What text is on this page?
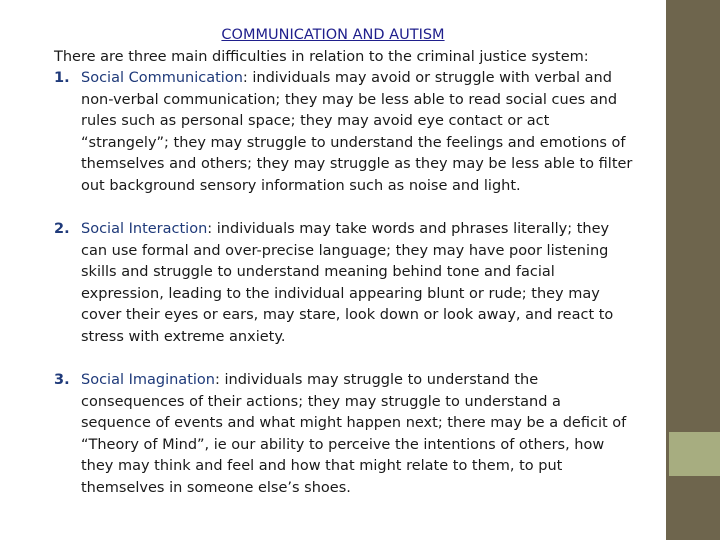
COMMUNICATION AND AUTISM

There are three main difficulties in relation to the criminal justice system:

1. Social Communication: individuals may avoid or struggle with verbal and non-verbal communication; they may be less able to read social cues and rules such as personal space; they may avoid eye contact or act “strangely”; they may struggle to understand the feelings and emotions of themselves and others; they may struggle as they may be less able to filter out background sensory information such as noise and light.
2. Social Interaction: individuals may take words and phrases literally; they can use formal and over-precise language; they may have poor listening skills and struggle to understand meaning behind tone and facial expression, leading to the individual appearing blunt or rude; they may cover their eyes or ears, may stare, look down or look away, and react to stress with extreme anxiety.
3. Social Imagination: individuals may struggle to understand the consequences of their actions; they may struggle to understand a sequence of events and what might happen next; there may be a deficit of “Theory of Mind”, ie our ability to perceive the intentions of others, how they may think and feel and how that might relate to them, to put themselves in someone else’s shoes.
